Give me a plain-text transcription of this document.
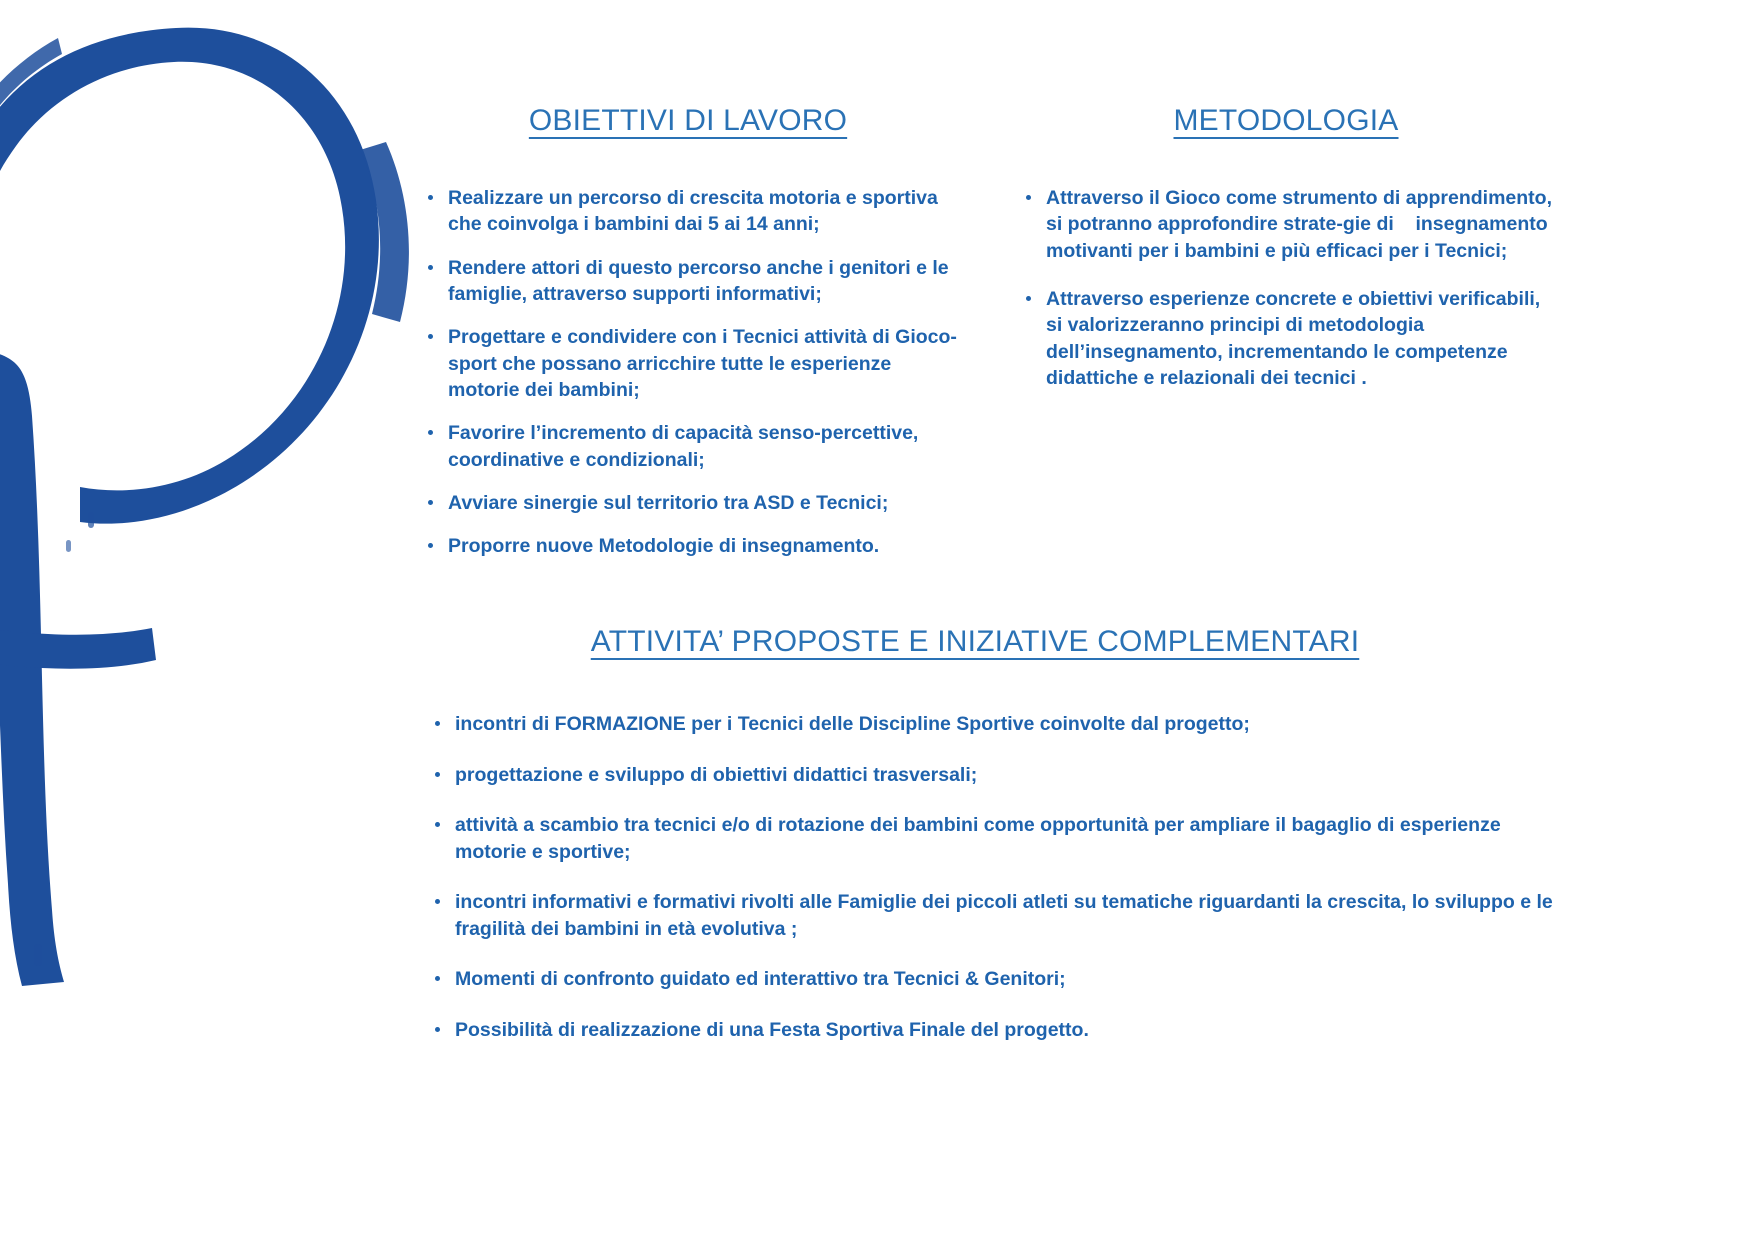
OBIETTIVI DI LAVORO
Realizzare un percorso di crescita motoria e sportiva che coinvolga i bambini dai 5 ai 14 anni;
Rendere attori di questo percorso anche i genitori e le famiglie, attraverso supporti informativi;
Progettare e condividere con i Tecnici attività di Gioco-sport che possano arricchire tutte le esperienze motorie dei bambini;
Favorire l’incremento di capacità senso-percettive, coordinative e condizionali;
Avviare sinergie sul territorio tra ASD e Tecnici;
Proporre nuove Metodologie di insegnamento.
METODOLOGIA
Attraverso il Gioco come strumento di apprendimento, si potranno approfondire strate-gie di    insegnamento motivanti per i bambini e più efficaci per i Tecnici;
Attraverso esperienze concrete e obiettivi verificabili, si valorizzeranno principi di metodologia dell’insegnamento, incrementando le competenze didattiche e relazionali dei tecnici .
ATTIVITA’ PROPOSTE E INIZIATIVE COMPLEMENTARI
incontri di FORMAZIONE per i Tecnici delle Discipline Sportive coinvolte dal progetto;
progettazione e sviluppo di obiettivi didattici trasversali;
attività a scambio tra tecnici e/o di rotazione dei bambini come opportunità per ampliare il bagaglio di esperienze motorie e sportive;
incontri informativi e formativi rivolti alle Famiglie dei piccoli atleti su tematiche riguardanti la crescita, lo sviluppo e le fragilità dei bambini in età evolutiva ;
Momenti di confronto guidato ed interattivo tra Tecnici & Genitori;
Possibilità di realizzazione di una Festa Sportiva Finale del progetto.
